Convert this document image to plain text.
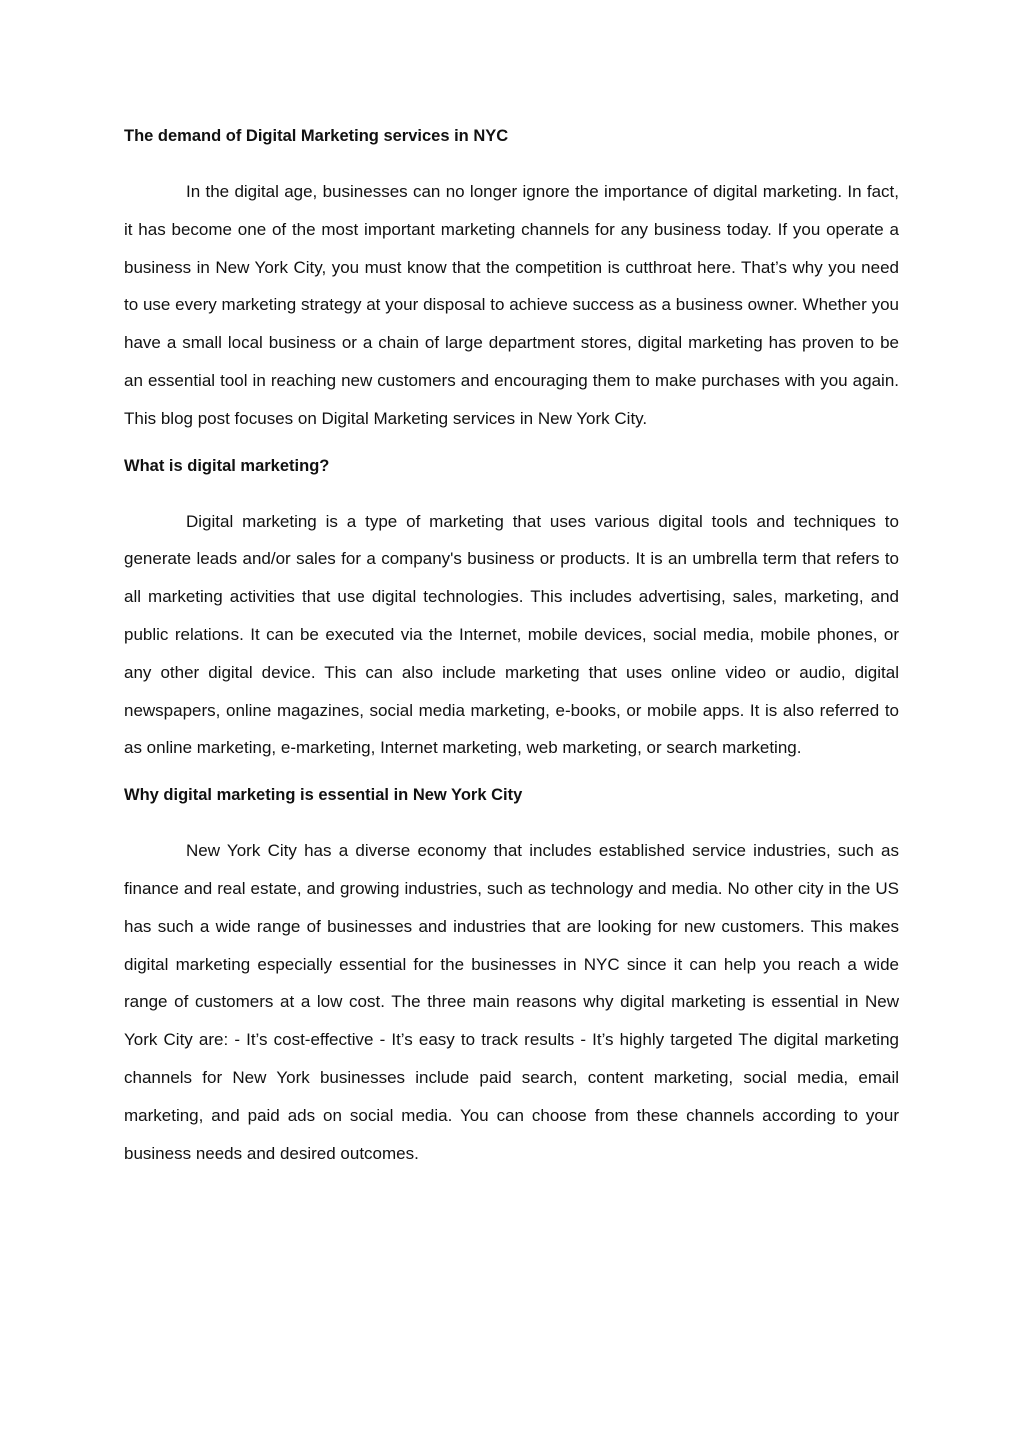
The demand of Digital Marketing services in NYC

In the digital age, businesses can no longer ignore the importance of digital marketing. In fact, it has become one of the most important marketing channels for any business today. If you operate a business in New York City, you must know that the competition is cutthroat here. That’s why you need to use every marketing strategy at your disposal to achieve success as a business owner. Whether you have a small local business or a chain of large department stores, digital marketing has proven to be an essential tool in reaching new customers and encouraging them to make purchases with you again. This blog post focuses on Digital Marketing services in New York City.

What is digital marketing?

Digital marketing is a type of marketing that uses various digital tools and techniques to generate leads and/or sales for a company's business or products. It is an umbrella term that refers to all marketing activities that use digital technologies. This includes advertising, sales, marketing, and public relations. It can be executed via the Internet, mobile devices, social media, mobile phones, or any other digital device. This can also include marketing that uses online video or audio, digital newspapers, online magazines, social media marketing, e-books, or mobile apps. It is also referred to as online marketing, e-marketing, Internet marketing, web marketing, or search marketing.

Why digital marketing is essential in New York City

New York City has a diverse economy that includes established service industries, such as finance and real estate, and growing industries, such as technology and media. No other city in the US has such a wide range of businesses and industries that are looking for new customers. This makes digital marketing especially essential for the businesses in NYC since it can help you reach a wide range of customers at a low cost. The three main reasons why digital marketing is essential in New York City are: - It’s cost-effective - It’s easy to track results - It’s highly targeted The digital marketing channels for New York businesses include paid search, content marketing, social media, email marketing, and paid ads on social media. You can choose from these channels according to your business needs and desired outcomes.
